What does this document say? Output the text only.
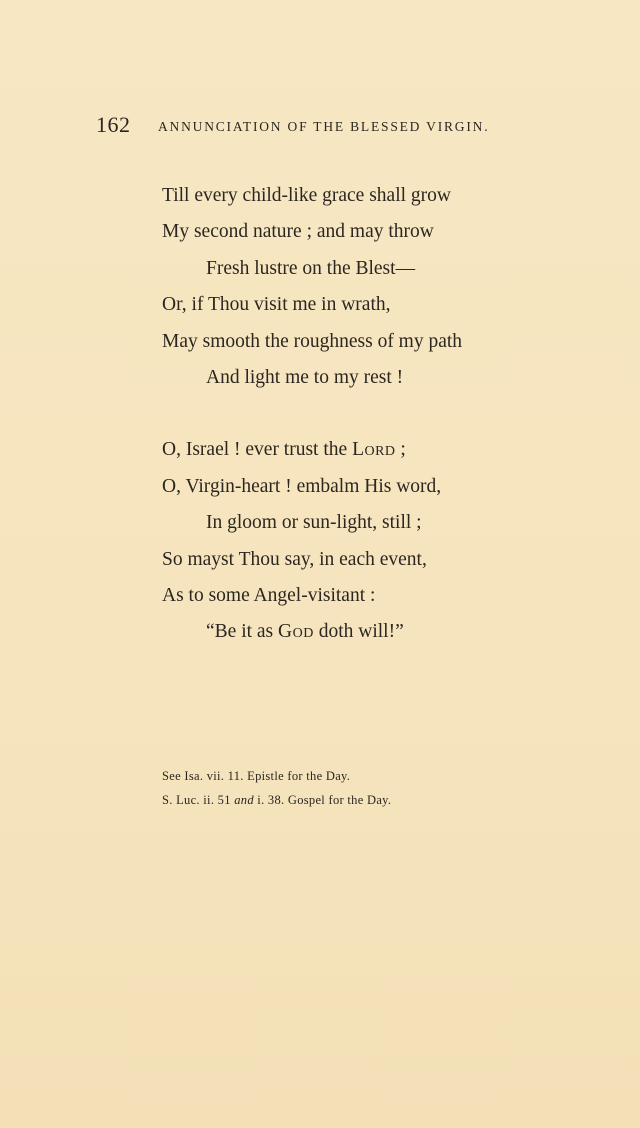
162 ANNUNCIATION OF THE BLESSED VIRGIN.
Till every child-like grace shall grow
My second nature ; and may throw
Fresh lustre on the Blest—
Or, if Thou visit me in wrath,
May smooth the roughness of my path
And light me to my rest !
O, Israel ! ever trust the Lord ;
O, Virgin-heart ! embalm His word,
In gloom or sun-light, still ;
So mayst Thou say, in each event,
As to some Angel-visitant :
“Be it as God doth will!”
See Isa. vii. 11. Epistle for the Day.
S. Luc. ii. 51 and i. 38. Gospel for the Day.
